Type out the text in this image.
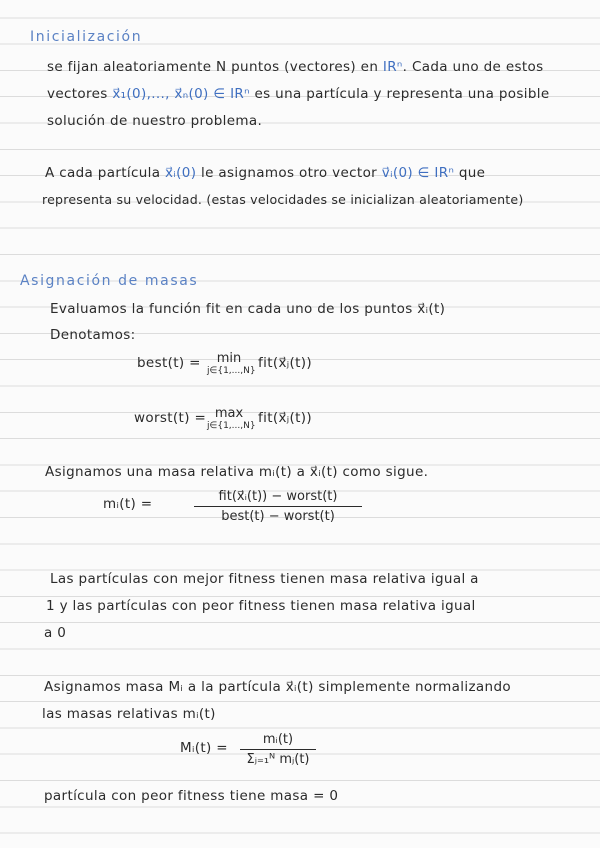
Inicialización
se fijan aleatoriamente N puntos (vectores) en IRⁿ. Cada uno de estos
vectores x⃗₁(0),..., x⃗ₙ(0) ∈ IRⁿ es una partícula y representa una posible
solución de nuestro problema.
A cada partícula x⃗ᵢ(0) le asignamos otro vector v⃗ᵢ(0) ∈ IRⁿ que
representa su velocidad. (estas velocidades se inicializan aleatoriamente)
Asignación de masas
Evaluamos la función fit en cada uno de los puntos x⃗ᵢ(t)
Denotamos:
best(t) =	min
j∈{1,...,N} fit(x⃗ⱼ(t))
worst(t) = max
j∈{1,...,N} fit(x⃗ⱼ(t))
Asignamos una masa relativa mᵢ(t) a x⃗ᵢ(t) como sigue.
mᵢ(t) =	fit(x⃗ᵢ(t)) − worst(t)
best(t) − worst(t)
Las partículas con mejor fitness tienen masa relativa igual a
1 y las partículas con peor fitness tienen masa relativa igual
a 0
Asignamos masa Mᵢ a la partícula x⃗ᵢ(t) simplemente normalizando
las masas relativas mᵢ(t)
Mᵢ(t) =
mᵢ(t)
Σⱼ₌₁ᴺ mⱼ(t)
partícula con peor fitness tiene masa = 0
